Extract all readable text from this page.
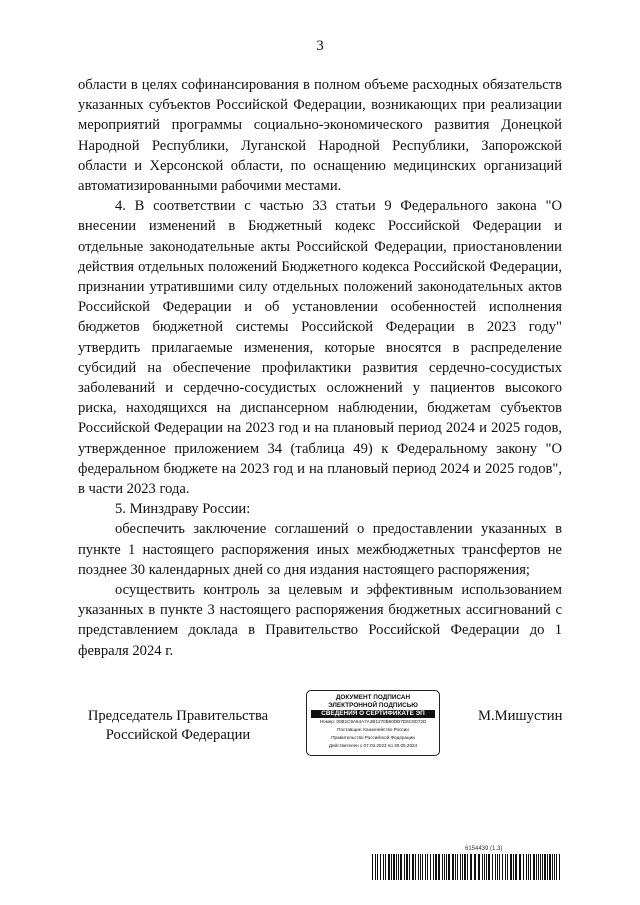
3

области в целях софинансирования в полном объеме расходных обязательств указанных субъектов Российской Федерации, возникающих при реализации мероприятий программы социально-экономического развития Донецкой Народной Республики, Луганской Народной Республики, Запорожской области и Херсонской области, по оснащению медицинских организаций автоматизированными рабочими местами.

4. В соответствии с частью 33 статьи 9 Федерального закона "О внесении изменений в Бюджетный кодекс Российской Федерации и отдельные законодательные акты Российской Федерации, приостановлении действия отдельных положений Бюджетного кодекса Российской Федерации, признании утратившими силу отдельных положений законодательных актов Российской Федерации и об установлении особенностей исполнения бюджетов бюджетной системы Российской Федерации в 2023 году" утвердить прилагаемые изменения, которые вносятся в распределение субсидий на обеспечение профилактики развития сердечно-сосудистых заболеваний и сердечно-сосудистых осложнений у пациентов высокого риска, находящихся на диспансерном наблюдении, бюджетам субъектов Российской Федерации на 2023 год и на плановый период 2024 и 2025 годов, утвержденное приложением 34 (таблица 49) к Федеральному закону "О федеральном бюджете на 2023 год и на плановый период 2024 и 2025 годов", в части 2023 года.

5. Минздраву России:

обеспечить заключение соглашений о предоставлении указанных в пункте 1 настоящего распоряжения иных межбюджетных трансфертов не позднее 30 календарных дней со дня издания настоящего распоряжения;

осуществить контроль за целевым и эффективным использованием указанных в пункте 3 настоящего распоряжения бюджетных ассигнований с представлением доклада в Правительство Российской Федерации до 1 февраля 2024 г.

Председатель Правительства
Российской Федерации
ДОКУМЕНТ ПОДПИСАН
ЭЛЕКТРОННОЙ ПОДПИСЬЮ
СВЕДЕНИЯ О СЕРТИФИКАТЕ ЭП
Номер: 00B1C9A54A7A3B1270B60DB7D6C0D72D
Поставщик: Казначейство России
Правительство Российской Федерации
Действителен с 07.03.2023 по 30.05.2024
М.Мишустин
6154439 (1.3)
